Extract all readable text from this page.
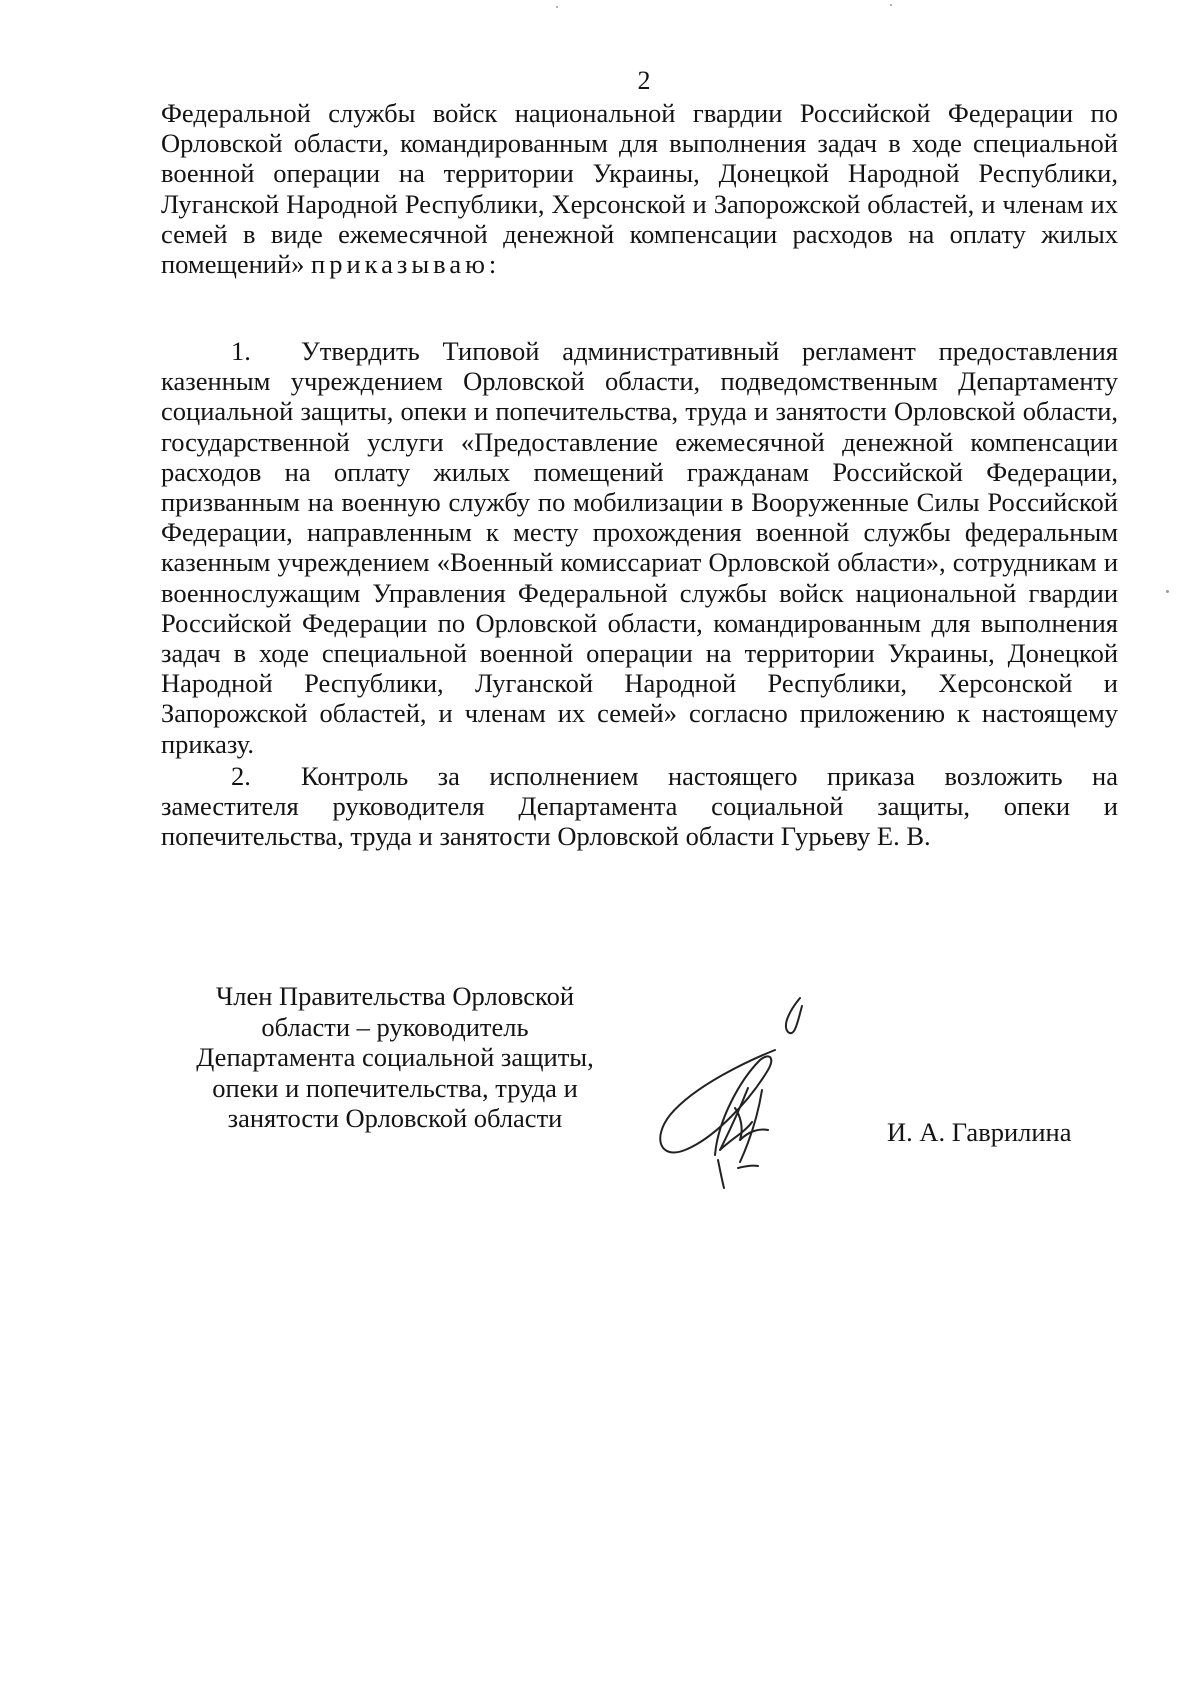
2

Федеральной службы войск национальной гвардии Российской Федерации по Орловской области, командированным для выполнения задач в ходе специальной военной операции на территории Украины, Донецкой Народной Республики, Луганской Народной Республики, Херсонской и Запорожской областей, и членам их семей в виде ежемесячной денежной компенсации расходов на оплату жилых помещений» приказываю:

1. Утвердить Типовой административный регламент предоставления казенным учреждением Орловской области, подведомственным Департаменту социальной защиты, опеки и попечительства, труда и занятости Орловской области, государственной услуги «Предоставление ежемесячной денежной компенсации расходов на оплату жилых помещений гражданам Российской Федерации, призванным на военную службу по мобилизации в Вооруженные Силы Российской Федерации, направленным к месту прохождения военной службы федеральным казенным учреждением «Военный комиссариат Орловской области», сотрудникам и военнослужащим Управления Федеральной службы войск национальной гвардии Российской Федерации по Орловской области, командированным для выполнения задач в ходе специальной военной операции на территории Украины, Донецкой Народной Республики, Луганской Народной Республики, Херсонской и Запорожской областей, и членам их семей» согласно приложению к настоящему приказу.

2. Контроль за исполнением настоящего приказа возложить на заместителя руководителя Департамента социальной защиты, опеки и попечительства, труда и занятости Орловской области Гурьеву Е. В.

Член Правительства Орловской
области – руководитель
Департамента социальной защиты,
опеки и попечительства, труда и
занятости Орловской области	И. А. Гаврилина
